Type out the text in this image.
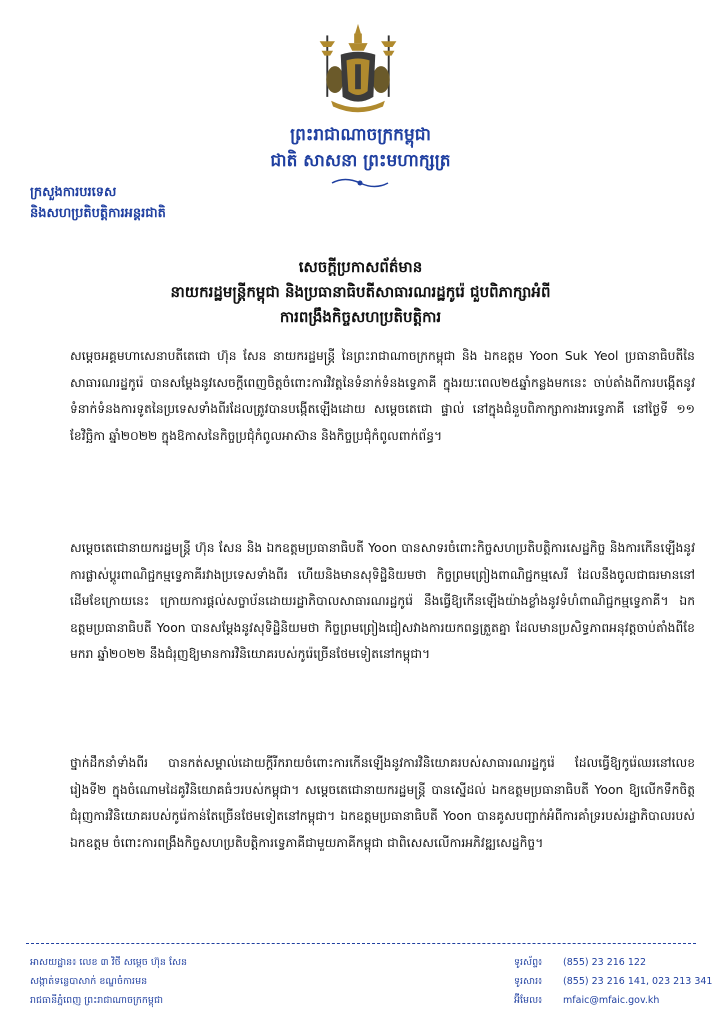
ព្រះរាជាណាចក្រកម្ពុជា
ជាតិ សាសនា ព្រះមហាក្សត្រ
ក្រសួងការបរទេស
និងសហប្រតិបត្តិការអន្តរជាតិ
សេចក្តីប្រកាសព័ត៌មាន
នាយករដ្ឋមន្ត្រីកម្ពុជា និងប្រធានាធិបតីសាធារណរដ្ឋកូរ៉េ ជួបពិភាក្សាអំពី
ការពង្រឹងកិច្ចសហប្រតិបត្តិការ

សម្តេចអគ្គមហាសេនាបតីតេជោ ហ៊ុន សែន នាយករដ្ឋមន្ត្រី នៃព្រះរាជាណាចក្រកម្ពុជា និង ឯកឧត្តម Yoon Suk Yeol ប្រធានាធិបតីនៃសាធារណរដ្ឋកូរ៉េ បានសម្តែងនូវសេចក្តីពេញចិត្តចំពោះការវិវត្តនៃទំនាក់ទំនងទ្វេភាគី ក្នុងរយៈពេល២៥ឆ្នាំកន្លងមកនេះ ចាប់តាំងពីការបង្កើតនូវទំនាក់ទំនងការទូតនៃប្រទេសទាំងពីរដែលត្រូវបានបង្កើតឡើងដោយ សម្តេចតេជោ ផ្ទាល់ នៅក្នុងជំនួបពិភាក្សាការងារទ្វេភាគី នៅថ្ងៃទី ១១ ខែវិច្ឆិកា ឆ្នាំ២០២២ ក្នុងឱកាសនៃកិច្ចប្រជុំកំពូលអាស៊ាន និងកិច្ចប្រជុំកំពូលពាក់ព័ន្ធ។

សម្តេចតេជោនាយករដ្ឋមន្ត្រី ហ៊ុន សែន និង ឯកឧត្តមប្រធានាធិបតី Yoon បានសាទរចំពោះកិច្ចសហប្រតិបត្តិការសេដ្ឋកិច្ច និងការកើនឡើងនូវការផ្លាស់ប្តូរពាណិជ្ជកម្មទ្វេភាគីរវាងប្រទេសទាំងពីរ ហើយនិងមានសុទិដ្ឋិនិយមថា កិច្ចព្រមព្រៀងពាណិជ្ជកម្មសេរី ដែលនឹងចូលជាធរមាននៅដើមខែក្រោយនេះ ក្រោយការផ្តល់សច្ចាប័នដោយរដ្ឋាភិបាលសាធារណរដ្ឋកូរ៉េ នឹងធ្វើឱ្យកើនឡើងយ៉ាងខ្លាំងនូវទំហំពាណិជ្ជកម្មទ្វេភាគី។ ឯកឧត្តមប្រធានាធិបតី Yoon បានសម្តែងនូវសុទិដ្ឋិនិយមថា កិច្ចព្រមព្រៀងជៀសវាងការយកពន្ធត្រួតគ្នា ដែលមានប្រសិទ្ធភាពអនុវត្តចាប់តាំងពីខែមករា ឆ្នាំ២០២២ នឹងជំរុញឱ្យមានការវិនិយោគរបស់កូរ៉េច្រើនថែមទៀតនៅកម្ពុជា។

ថ្នាក់ដឹកនាំទាំងពីរ បានកត់សម្គាល់ដោយក្តីរីករាយចំពោះការកើនឡើងនូវការវិនិយោគរបស់សាធារណរដ្ឋកូរ៉េ ដែលធ្វើឱ្យកូរ៉េឈរនៅលេខរៀងទី២ ក្នុងចំណោមដៃគូវិនិយោគធំៗរបស់កម្ពុជា។ សម្តេចតេជោនាយករដ្ឋមន្ត្រី បានស្នើដល់ ឯកឧត្តមប្រធានាធិបតី Yoon ឱ្យលើកទឹកចិត្តជំរុញការវិនិយោគរបស់កូរ៉េកាន់តែច្រើនថែមទៀតនៅកម្ពុជា។ ឯកឧត្តមប្រធានាធិបតី Yoon បានគូសបញ្ជាក់អំពីការគាំទ្ររបស់រដ្ឋាភិបាលរបស់ឯកឧត្តម ចំពោះការពង្រឹងកិច្ចសហប្រតិបត្តិការទ្វេភាគីជាមួយភាគីកម្ពុជា ជាពិសេសលើការអភិវឌ្ឍសេដ្ឋកិច្ច។

អាសយដ្ឋាន៖ លេខ ៣ វិថី សម្តេច ហ៊ុន សែន
សង្កាត់ទន្លេបាសាក់ ខណ្ឌចំការមន
រាជធានីភ្នំពេញ ព្រះរាជាណាចក្រកម្ពុជា
ទូរស័ព្ទ៖ (855) 23 216 122
ទូរសារ៖ (855) 23 216 141, 023 213 341
អ៊ីមែល៖ mfaic@mfaic.gov.kh
